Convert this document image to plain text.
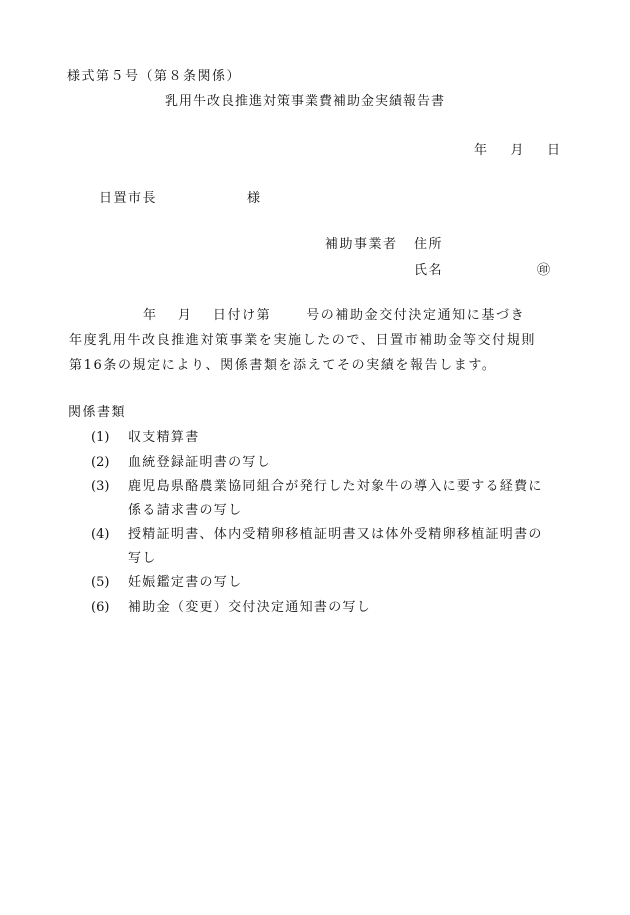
様式第５号（第８条関係）
乳用牛改良推進対策事業費補助金実績報告書
年 月 日
日置市長	様
補助事業者 住所
氏名	㊞
年　 月　 日付け第　　 号の補助金交付決定通知に基づき
年度乳用牛改良推進対策事業を実施したので、日置市補助金等交付規則
第16条の規定により、関係書類を添えてその実績を報告します。
関係書類
(1) 収支精算書
(2) 血統登録証明書の写し
(3) 鹿児島県酪農業協同組合が発行した対象牛の導入に要する経費に
係る請求書の写し
(4) 授精証明書、体内受精卵移植証明書又は体外受精卵移植証明書の
写し
(5) 妊娠鑑定書の写し
(6) 補助金（変更）交付決定通知書の写し
